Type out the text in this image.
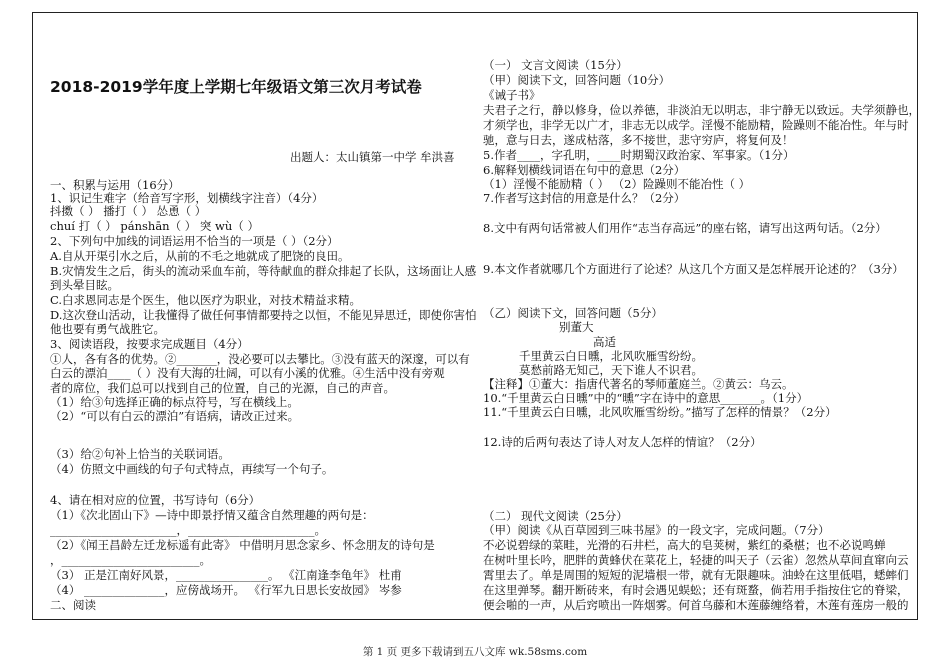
2018-2019学年度上学期七年级语文第三次月考试卷
出题人：太山镇第一中学 牟洪喜
一、积累与运用（16分）
1、识记生难字（给音写字形，划横线字注音）（4分）
抖擞（ ） 播打（ ） 怂恿（ ）
chuí 打（ ） pánshān（ ） 突 wù（ ）
2、下列句中加线的词语运用不恰当的一项是（ ）（2分）
A.自从开渠引水之后，从前的不毛之地就成了肥饶的良田。
B.灾情发生之后，街头的流动采血车前，等待献血的群众排起了长队，这场面让人感
到头晕目眩。
C.白求恩同志是个医生，他以医疗为职业，对技术精益求精。
D.这次登山活动，让我懂得了做任何事情都要持之以恒，不能见异思迁，即使你害怕
他也要有勇气战胜它。
3、阅读语段，按要求完成题目（4分）
①人，各有各的优势。②_______，没必要可以去攀比。③没有蓝天的深邃，可以有
白云的漂泊____（ ）没有大海的壮阔，可以有小溪的优雅。④生活中没有旁观
者的席位，我们总可以找到自己的位置，自己的光源，自己的声音。
（1）给③句选择正确的标点符号，写在横线上。
（2）“可以有白云的漂泊”有语病，请改正过来。
（3）给②句补上恰当的关联词语。
（4）仿照文中画线的句子句式特点，再续写一个句子。
4、请在相对应的位置，书写诗句（6分）
（1）《次北固山下》—诗中即景抒情又蕴含自然理趣的两句是：
______________________，______________________。
（2）《闻王昌龄左迁龙标遥有此寄》 中借明月思念家乡、怀念朋友的诗句是
，________________________。
（3） 正是江南好风景，________________。 《江南逢李龟年》 杜甫
（4） ______________，应傍战场开。 《行军九日思长安故园》 岑参
二、阅读
（一） 文言文阅读（15分）
（甲）阅读下文，回答问题（10分）
《诫子书》
夫君子之行，静以修身，俭以养德，非淡泊无以明志，非宁静无以致远。夫学须静也，
才须学也，非学无以广才，非志无以成学。淫慢不能励精，险躁则不能冶性。年与时
驰，意与日去，遂成枯落，多不接世，悲守穷庐，将复何及！
5.作者____，字孔明，____时期蜀汉政治家、军事家。（1分）
6.解释划横线词语在句中的意思（2分）
（1）淫慢不能励精（ ） （2）险躁则不能冶性（ ）
7.作者写这封信的用意是什么？（2分）
8.文中有两句话常被人们用作“志当存高远”的座右铭，请写出这两句话。（2分）
9.本文作者就哪几个方面进行了论述？从这几个方面又是怎样展开论述的？（3分）
（乙）阅读下文，回答问题（5分）
别董大
高适
千里黄云白日曛，北风吹雁雪纷纷。
莫愁前路无知己，天下谁人不识君。
【注释】①董大：指唐代著名的琴师董庭兰。②黄云：乌云。
10.“千里黄云白日曛”中的“曛”字在诗中的意思_______。（1分）
11.“千里黄云白日曛，北风吹雁雪纷纷。”描写了怎样的情景？（2分）
12.诗的后两句表达了诗人对友人怎样的情谊？（2分）
（二） 现代文阅读（25分）
（甲）阅读《从百草园到三味书屋》的一段文字，完成问题。（7分）
不必说碧绿的菜畦，光滑的石井栏，高大的皂荚树，紫红的桑椹；也不必说鸣蝉
在树叶里长吟，肥胖的黄蜂伏在菜花上，轻捷的叫天子（云雀）忽然从草间直窜向云
霄里去了。单是周围的短短的泥墙根一带，就有无限趣味。油蛉在这里低唱，蟋蟀们
在这里弹琴。翻开断砖来，有时会遇见蜈蚣；还有斑蝥，倘若用手指按住它的脊梁，
便会啪的一声，从后窍喷出一阵烟雾。何首乌藤和木莲藤缠络着，木莲有莲房一般的
第 1 页 更多下载请到五八文库 wk.58sms.com
